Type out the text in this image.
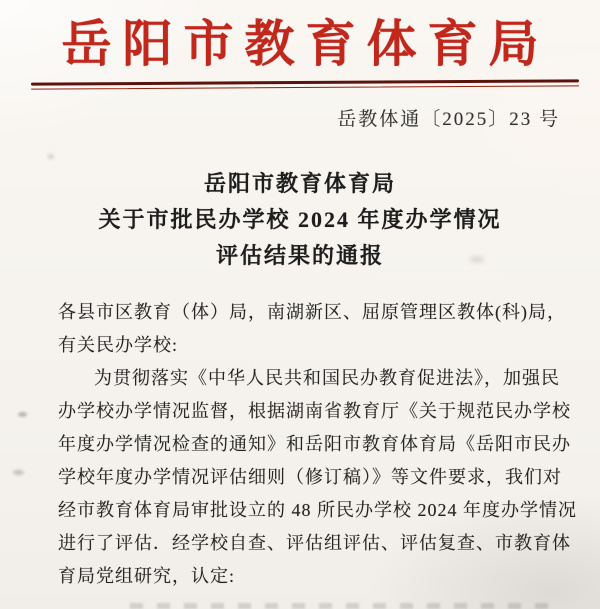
岳阳市教育体育局
岳教体通〔2025〕23 号
岳阳市教育体育局
关于市批民办学校 2024 年度办学情况
评估结果的通报
各县市区教育（体）局，南湖新区、屈原管理区教体(科)局，
有关民办学校:
为贯彻落实《中华人民共和国民办教育促进法》，加强民
办学校办学情况监督，根据湖南省教育厅《关于规范民办学校
年度办学情况检查的通知》和岳阳市教育体育局《岳阳市民办
学校年度办学情况评估细则（修订稿）》等文件要求，我们对
经市教育体育局审批设立的 48 所民办学校 2024 年度办学情况
进行了评估．经学校自查、评估组评估、评估复查、市教育体
育局党组研究，认定:
